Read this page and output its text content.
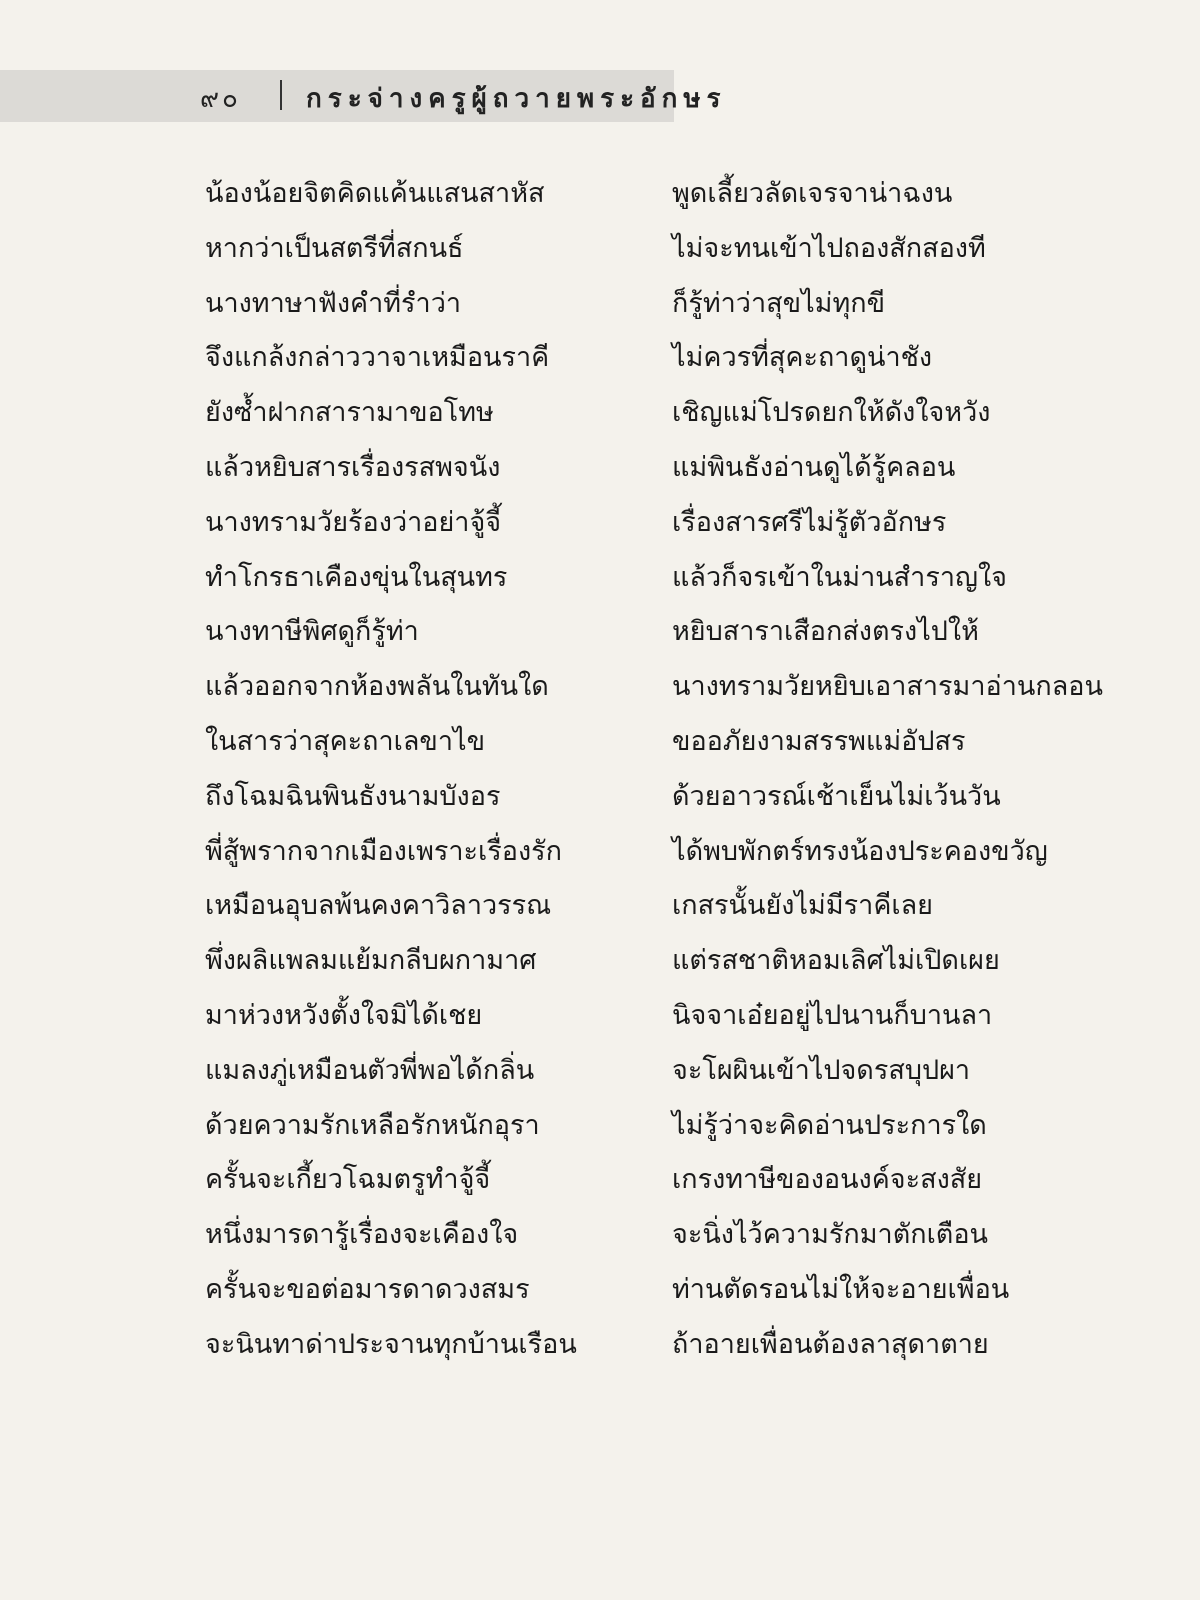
๙๐	กระจ่างครูผู้ถวายพระอักษร
น้องน้อยจิตคิดแค้นแสนสาหัส
หากว่าเป็นสตรีที่สกนธ์
นางทาษาฟังคำที่รำว่า
จึงแกล้งกล่าววาจาเหมือนราคี
ยังซ้ำฝากสารามาขอโทษ
แล้วหยิบสารเรื่องรสพจนัง
นางทรามวัยร้องว่าอย่าจู้จี้
ทำโกรธาเคืองขุ่นในสุนทร
นางทาษีพิศดูก็รู้ท่า
แล้วออกจากห้องพลันในทันใด
ในสารว่าสุคะถาเลขาไข
ถึงโฉมฉินพินธังนามบังอร
พี่สู้พรากจากเมืองเพราะเรื่องรัก
เหมือนอุบลพ้นคงคาวิลาวรรณ
พึ่งผลิแพลมแย้มกลีบผกามาศ
มาห่วงหวังตั้งใจมิได้เชย
แมลงภู่เหมือนตัวพี่พอได้กลิ่น
ด้วยความรักเหลือรักหนักอุรา
ครั้นจะเกี้ยวโฉมตรูทำจู้จี้
หนึ่งมารดารู้เรื่องจะเคืองใจ
ครั้นจะขอต่อมารดาดวงสมร
จะนินทาด่าประจานทุกบ้านเรือน
พูดเลี้ยวลัดเจรจาน่าฉงน
ไม่จะทนเข้าไปถองสักสองที
ก็รู้ท่าว่าสุขไม่ทุกขี
ไม่ควรที่สุคะถาดูน่าชัง
เชิญแม่โปรดยกให้ดังใจหวัง
แม่พินธังอ่านดูได้รู้คลอน
เรื่องสารศรีไม่รู้ตัวอักษร
แล้วก็จรเข้าในม่านสำราญใจ
หยิบสาราเสือกส่งตรงไปให้
นางทรามวัยหยิบเอาสารมาอ่านกลอน
ขออภัยงามสรรพแม่อัปสร
ด้วยอาวรณ์เช้าเย็นไม่เว้นวัน
ได้พบพักตร์ทรงน้องประคองขวัญ
เกสรนั้นยังไม่มีราคีเลย
แต่รสชาติหอมเลิศไม่เปิดเผย
นิจจาเอ๋ยอยู่ไปนานก็บานลา
จะโผผินเข้าไปจดรสบุปผา
ไม่รู้ว่าจะคิดอ่านประการใด
เกรงทาษีของอนงค์จะสงสัย
จะนิ่งไว้ความรักมาตักเตือน
ท่านตัดรอนไม่ให้จะอายเพื่อน
ถ้าอายเพื่อนต้องลาสุดาตาย
